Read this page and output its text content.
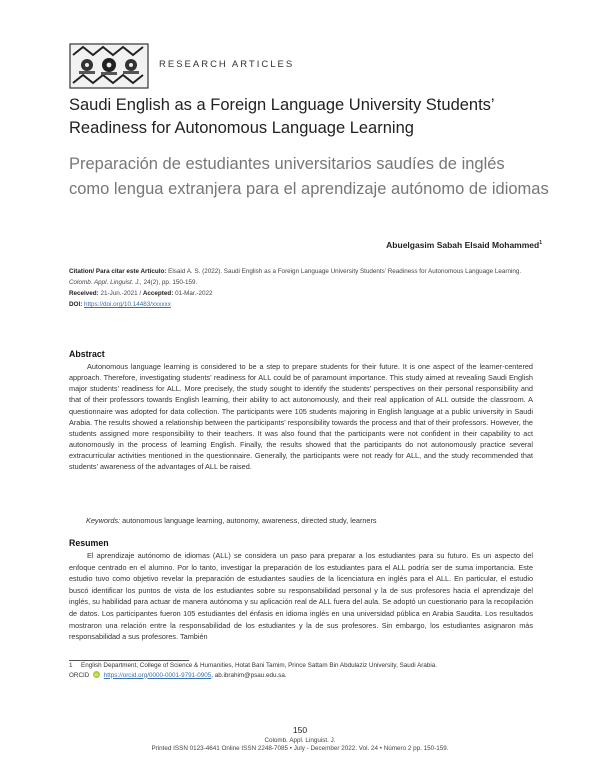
RESEARCH ARTICLES
Saudi English as a Foreign Language University Students’ Readiness for Autonomous Language Learning
Preparación de estudiantes universitarios saudíes de inglés como lengua extranjera para el aprendizaje autónomo de idiomas
Abuelgasim Sabah Elsaid Mohammed$^1$
Citation/ Para citar este Artículo: Elsaid A. S. (2022). Saudi English as a Foreign Language University Students’ Readiness for Autonomous Language Learning.
Colomb. Appl. Linguist. J., 24(2), pp. 150-159.
Received: 21-Jun.-2021 / Accepted: 01-Mar.-2022
DOI: https://doi.org/10.14483/xxxxxx
Abstract
Autonomous language learning is considered to be a step to prepare students for their future. It is one aspect of the learner-centered approach. Therefore, investigating students’ readiness for ALL could be of paramount importance. This study aimed at revealing Saudi English major students’ readiness for ALL. More precisely, the study sought to identify the students’ perspectives on their personal responsibility and that of their professors towards English learning, their ability to act autonomously, and their real application of ALL outside the classroom. A questionnaire was adopted for data collection. The participants were 105 students majoring in English language at a public university in Saudi Arabia. The results showed a relationship between the participants’ responsibility towards the process and that of their professors. However, the students assigned more responsibility to their teachers. It was also found that the participants were not confident in their capability to act autonomously in the process of learning English. Finally, the results showed that the participants do not autonomously practice several extracurricular activities mentioned in the questionnaire. Generally, the participants were not ready for ALL, and the study recommended that students’ awareness of the advantages of ALL be raised.
Keywords: autonomous language learning, autonomy, awareness, directed study, learners
Resumen
El aprendizaje autónomo de idiomas (ALL) se considera un paso para preparar a los estudiantes para su futuro. Es un aspecto del enfoque centrado en el alumno. Por lo tanto, investigar la preparación de los estudiantes para el ALL podría ser de suma importancia. Este estudio tuvo como objetivo revelar la preparación de estudiantes saudíes de la licenciatura en inglés para el ALL. En particular, el estudio buscó identificar los puntos de vista de los estudiantes sobre su responsabilidad personal y la de sus profesores hacia el aprendizaje del inglés, su habilidad para actuar de manera autónoma y su aplicación real de ALL fuera del aula. Se adoptó un cuestionario para la recopilación de datos. Los participantes fueron 105 estudiantes del énfasis en idioma inglés en una universidad pública en Arabia Saudita. Los resultados mostraron una relación entre la responsabilidad de los estudiantes y la de sus profesores. Sin embargo, los estudiantes asignaron más responsabilidad a sus profesores. También
1 English Department, College of Science & Humanities, Hotat Bani Tamim, Prince Sattam Bin Abdulaziz University, Saudi Arabia.
ORCID iD https://orcid.org/0000-0001-9791-0905, ab.ibrahim@psau.edu.sa.
150
Colomb. Appl. Linguist. J.
Printed ISSN 0123-4641 Online ISSN 2248-7085 • July - December 2022. Vol. 24 • Número 2 pp. 150-159.
